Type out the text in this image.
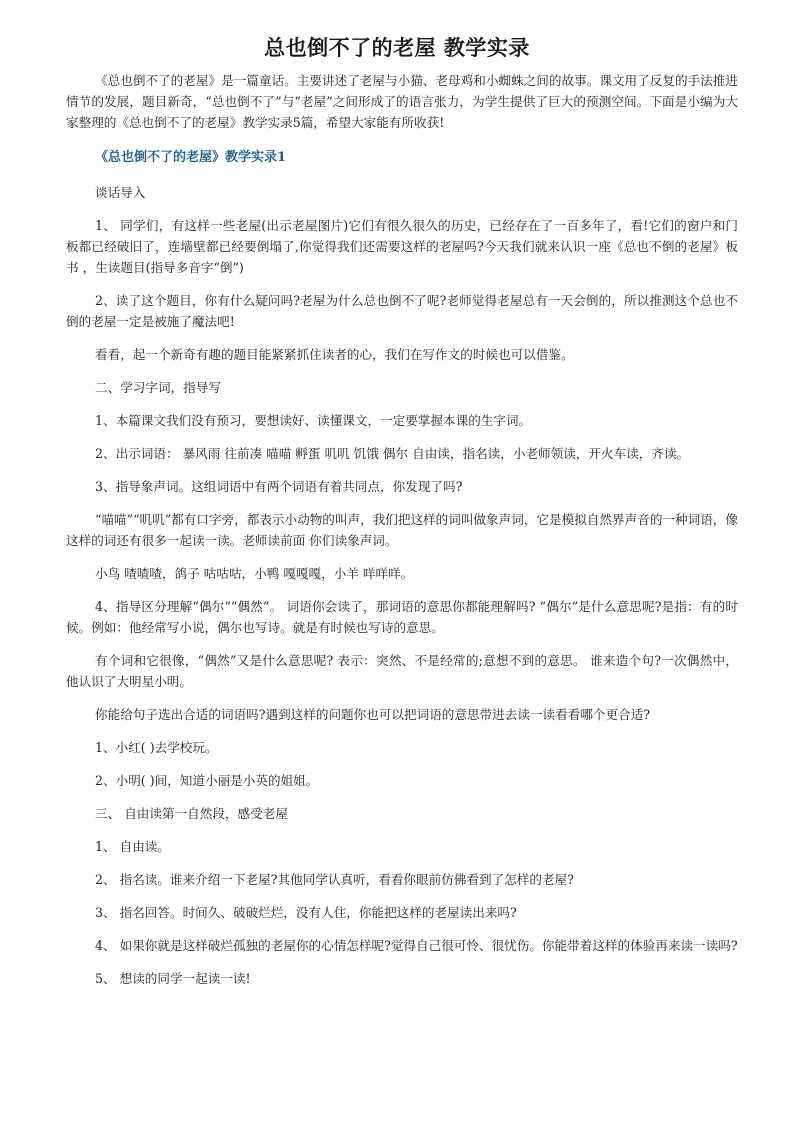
总也倒不了的老屋 教学实录

《总也倒不了的老屋》是一篇童话。主要讲述了老屋与小猫、老母鸡和小蜘蛛之间的故事。课文用了反复的手法推进情节的发展，题目新奇，“总也倒不了”与“老屋”之间形成了的语言张力，为学生提供了巨大的预测空间。下面是小编为大家整理的《总也倒不了的老屋》教学实录5篇，希望大家能有所收获!

《总也倒不了的老屋》教学实录1

谈话导入

1、 同学们，有这样一些老屋(出示老屋图片)它们有很久很久的历史，已经存在了一百多年了，看!它们的窗户和门板都已经破旧了，连墙壁都已经要倒塌了,你觉得我们还需要这样的老屋吗?今天我们就来认识一座《总也不倒的老屋》板书 ，生读题目(指导多音字“倒”)

2、读了这个题目，你有什么疑问吗?老屋为什么总也倒不了呢?老师觉得老屋总有一天会倒的，所以推测这个总也不倒的老屋一定是被施了魔法吧!

看看，起一个新奇有趣的题目能紧紧抓住读者的心，我们在写作文的时候也可以借鉴。

二、学习字词，指导写

1、本篇课文我们没有预习，要想读好、读懂课文，一定要掌握本课的生字词。

2、出示词语： 暴风雨 往前凑 喵喵 孵蛋 叽叽 饥饿 偶尔 自由读，指名读，小老师领读，开火车读，齐读。

3、指导象声词。这组词语中有两个词语有着共同点，你发现了吗?

“喵喵”“叽叽”都有口字旁，都表示小动物的叫声，我们把这样的词叫做象声词，它是模拟自然界声音的一种词语，像这样的词还有很多一起读一读。老师读前面 你们读象声词。

小鸟 喳喳喳，鸽子 咕咕咕，小鸭 嘎嘎嘎，小羊 咩咩咩。

4、指导区分理解“偶尔”“偶然”。 词语你会读了，那词语的意思你都能理解吗? “偶尔”是什么意思呢?是指：有的时候。例如：他经常写小说，偶尔也写诗。就是有时候也写诗的意思。

有个词和它很像，“偶然”又是什么意思呢? 表示：突然、不是经常的;意想不到的意思。 谁来造个句?一次偶然中，他认识了大明星小明。

你能给句子选出合适的词语吗?遇到这样的问题你也可以把词语的意思带进去读一读看看哪个更合适?

1、小红( )去学校玩。

2、小明( )间，知道小丽是小英的姐姐。

三、 自由读第一自然段，感受老屋

1、 自由读。

2、 指名读。谁来介绍一下老屋?其他同学认真听，看看你眼前仿佛看到了怎样的老屋?

3、 指名回答。时间久、破破烂烂，没有人住，你能把这样的老屋读出来吗?

4、 如果你就是这样破烂孤独的老屋你的心情怎样呢?觉得自己很可怜、很忧伤。你能带着这样的体验再来读一读吗?

5、 想读的同学一起读一读!
